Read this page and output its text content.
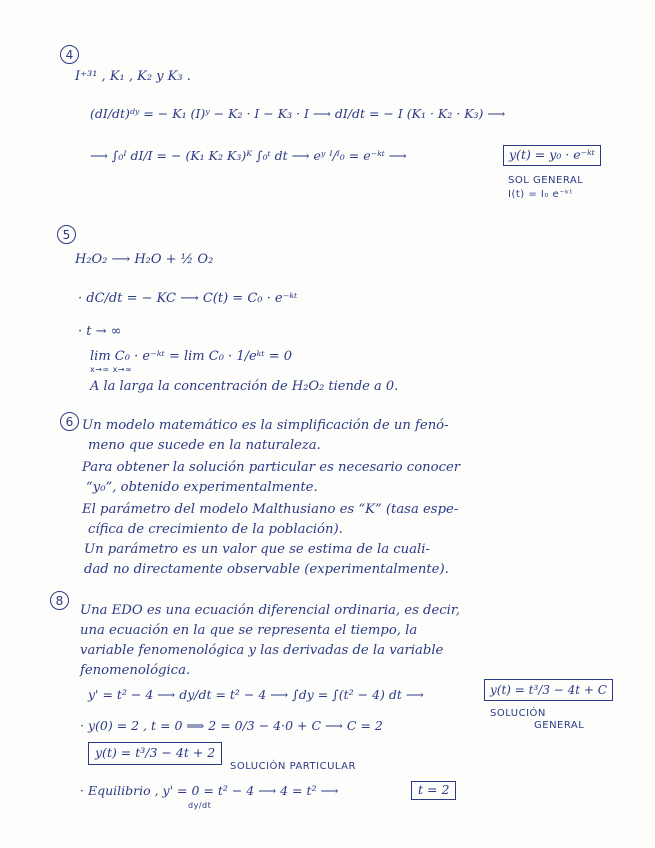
4
I⁺³¹ , K₁ , K₂ y K₃ .
(dI/dt)ᵈʸ = − K₁ (I)ʸ − K₂ · I − K₃ · I ⟶ dI/dt = − I (K₁ · K₂ · K₃) ⟶
⟶ ∫₀ᴵ dI/I = − (K₁ K₂ K₃)ᴷ ∫₀ᵗ dt ⟶ eʸ ᴵ/ᴵ₀ = e⁻ᵏᵗ ⟶	y(t) = y₀ · e⁻ᵏᵗ
SOL GENERAL
I(t) = I₀ e⁻ᵏᵗ
5
H₂O₂ ⟶ H₂O + ½ O₂
· dC/dt = − KC ⟶ C(t) = C₀ · e⁻ᵏᵗ
· t → ∞
lim C₀ · e⁻ᵏᵗ = lim C₀ · 1/eᵏᵗ = 0
x→∞ x→∞
A la larga la concentración de H₂O₂ tiende a 0.
6 Un modelo matemático es la simplificación de un fenó-
meno que sucede en la naturaleza.
Para obtener la solución particular es necesario conocer
“y₀”, obtenido experimentalmente.
El parámetro del modelo Malthusiano es “K” (tasa espe-
cífica de crecimiento de la población).
Un parámetro es un valor que se estima de la cuali-
dad no directamente observable (experimentalmente).
8
Una EDO es una ecuación diferencial ordinaria, es decir,
una ecuación en la que se representa el tiempo, la
variable fenomenológica y las derivadas de la variable
fenomenológica.
y' = t² − 4 ⟶ dy/dt = t² − 4 ⟶ ∫dy = ∫(t² − 4) dt ⟶	y(t) = t³/3 − 4t + C
SOLUCIÓN
GENERAL
· y(0) = 2 , t = 0 ⟹ 2 = 0/3 − 4·0 + C ⟶ C = 2
y(t) = t³/3 − 4t + 2
SOLUCIÓN PARTICULAR
· Equilibrio , y' = 0 = t² − 4 ⟶ 4 = t² ⟶
dy/dt
t = 2
